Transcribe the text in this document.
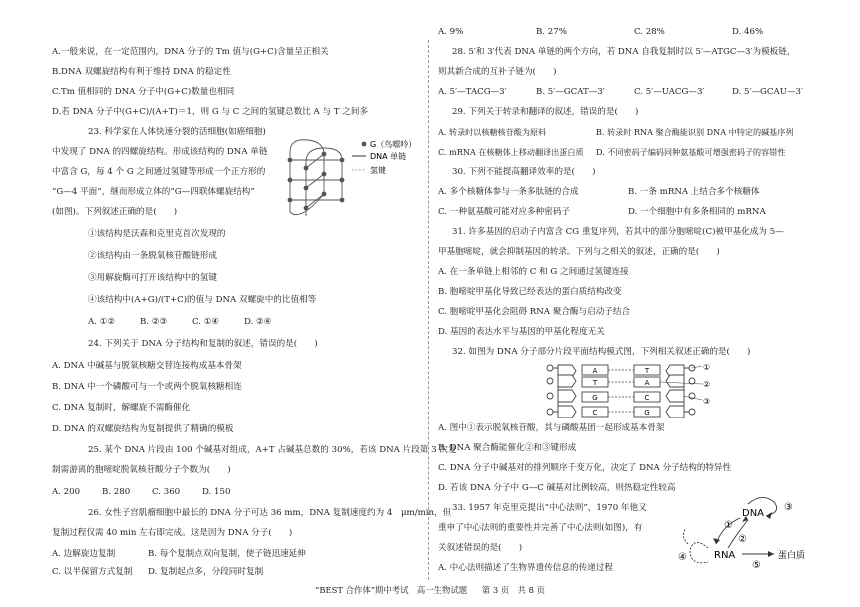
A.一般来说，在一定范围内，DNA 分子的 Tm 值与(G+C)含量呈正相关
B.DNA 双螺旋结构有利于维持 DNA 的稳定性
C.Tm 值相同的 DNA 分子中(G+C)数量也相同
D.若 DNA 分子中(G+C)/(A+T)＝1，则 G 与 C 之间的氢键总数比 A 与 T 之间多
23. 科学家在人体快速分裂的活细胞(如癌细胞)
中发现了 DNA 的四螺旋结构。形成该结构的 DNA 单链
中富含 G，每 4 个 G 之间通过氢键等形成一个正方形的
“G—4 平面”，继而形成立体的“G—四联体螺旋结构”
(如图)。下列叙述正确的是(　　)
G（鸟嘌呤）
DNA 单链
氢键
①该结构是沃森和克里克首次发现的
②该结构由一条脱氧核苷酸链形成
③用解旋酶可打开该结构中的氢键
④该结构中(A+G)/(T+C)的值与 DNA 双螺旋中的比值相等
A. ①②	B. ②③	C. ①④	D. ②④
24. 下列关于 DNA 分子结构和复制的叙述，错误的是(　　)
A. DNA 中碱基与脱氧核糖交替连接构成基本骨架
B. DNA 中一个磷酸可与一个或两个脱氧核糖相连
C. DNA 复制时，解螺旋不需酶催化
D. DNA 的双螺旋结构为复制提供了精确的模板
25. 某个 DNA 片段由 100 个碱基对组成，A+T 占碱基总数的 30%，若该 DNA 片段第 3 次复
制需游离的胞嘧啶脱氧核苷酸分子个数为(　　)
A. 200	B. 280	C. 360	D. 150
26. 女性子宫肌瘤细胞中最长的 DNA 分子可达 36 mm，DNA 复制速度约为 4　μm/min，但
复制过程仅需 40 min 左右即完成。这是因为 DNA 分子(　　)
A. 边解旋边复制	B. 每个复制点双向复制，使子链迅速延伸
C. 以半保留方式复制 D. 复制起点多，分段同时复制
A. 9%	B. 27%	C. 28%	D. 46%
28. 5′和 3′代表 DNA 单链的两个方向，若 DNA 自我复制时以 5′—ATGC—3′为模板链，
则其新合成的互补子链为(　　)
A. 5′—TACG—3′	B. 5′—GCAT—3′	C. 5′—UACG—3′	D. 5′—GCAU—3′
29. 下列关于转录和翻译的叙述，错误的是(　　)
A. 转录时以核糖核苷酸为原料	B. 转录时 RNA 聚合酶能识别 DNA 中特定的碱基序列
C. mRNA 在核糖体上移动翻译出蛋白质 D. 不同密码子编码同种氨基酸可增强密码子的容错性
30. 下列不能提高翻译效率的是(　　)
A. 多个核糖体参与一条多肽链的合成	B. 一条 mRNA 上结合多个核糖体
C. 一种氨基酸可能对应多种密码子	D. 一个细胞中有多条相同的 mRNA
31. 许多基因的启动子内富含 CG 重复序列，若其中的部分胞嘧啶(C)被甲基化成为 5—
甲基胞嘧啶，就会抑制基因的转录。下列与之相关的叙述，正确的是(　　)
A. 在一条单链上相邻的 C 和 G 之间通过氢键连接
B. 胞嘧啶甲基化导致已经表达的蛋白质结构改变
C. 胞嘧啶甲基化会阻碍 RNA 聚合酶与启动子结合
D. 基因的表达水平与基因的甲基化程度无关
32. 如图为 DNA 分子部分片段平面结构模式图，下列相关叙述正确的是(　　)
A
T
G
C
T
A
C
G
①
②
③
A. 图中①表示脱氧核苷酸，其与磷酸基团一起形成基本骨架
B. DNA 聚合酶能催化②和③键形成
C. DNA 分子中碱基对的排列顺序千变万化，决定了 DNA 分子结构的特异性
D. 若该 DNA 分子中 G—C 碱基对比例较高，则热稳定性较高
33. 1957 年克里克提出“中心法则”，1970 年他又
重申了中心法则的重要性并完善了中心法则(如图)，有
关叙述错误的是(　　)
A. 中心法则描述了生物界遗传信息的传递过程
DNA
RNA	蛋白质
①
②
③
④
⑤
“BEST 合作体”期中考试　高一生物试题 第 3 页　共 8 页
